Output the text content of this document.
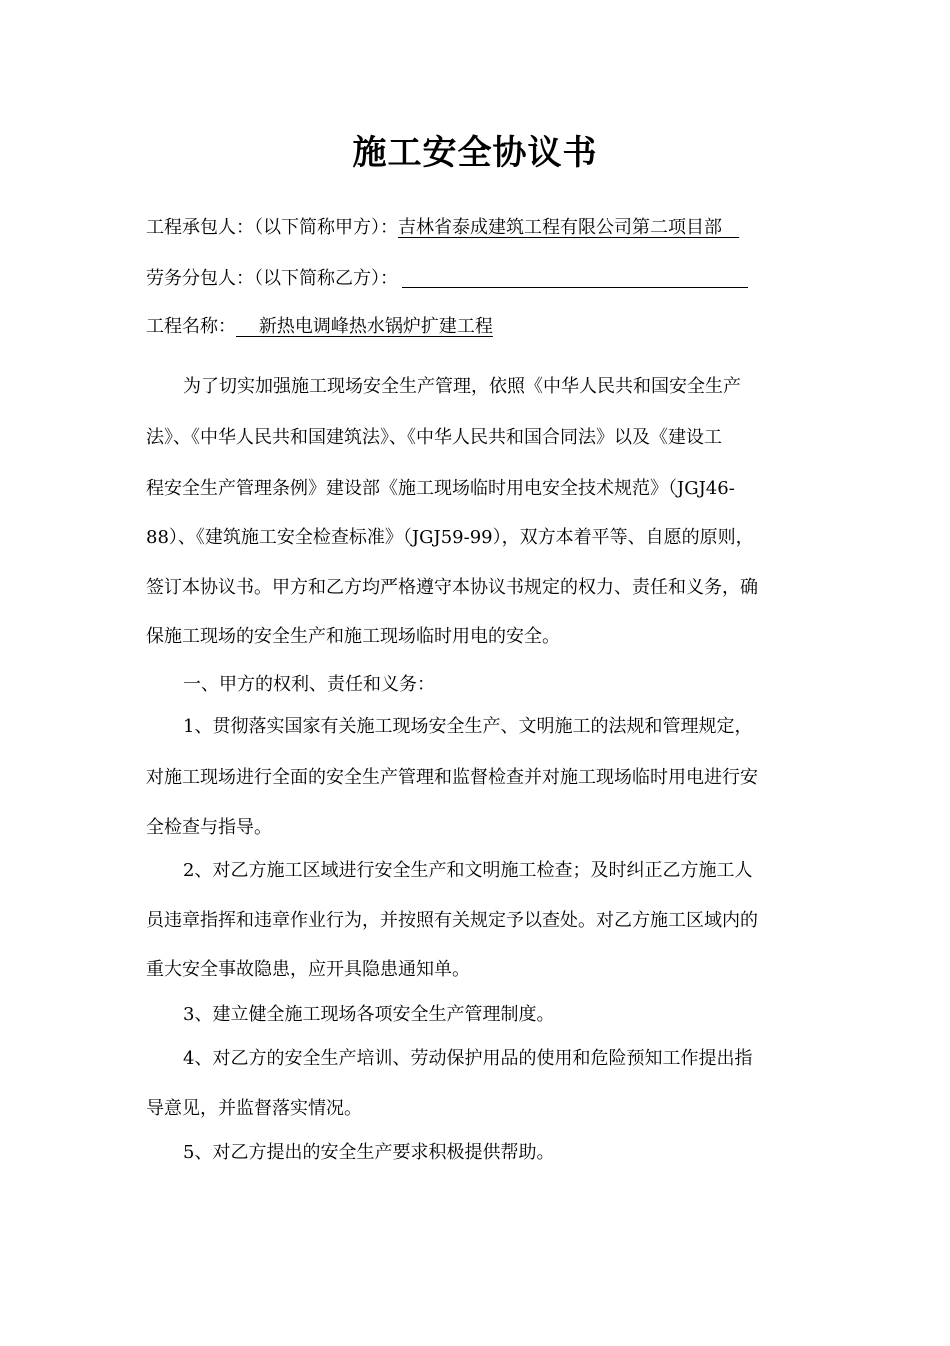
施工安全协议书
工程承包人：（以下简称甲方）：吉林省泰成建筑工程有限公司第二项目部
劳务分包人：（以下简称乙方）：
工程名称： 新热电调峰热水锅炉扩建工程
为了切实加强施工现场安全生产管理，依照《中华人民共和国安全生产
法》、《中华人民共和国建筑法》、《中华人民共和国合同法》以及《建设工
程安全生产管理条例》建设部《施工现场临时用电安全技术规范》（JGJ46-
88）、《建筑施工安全检查标准》（JGJ59-99），双方本着平等、自愿的原则，
签订本协议书。甲方和乙方均严格遵守本协议书规定的权力、责任和义务，确
保施工现场的安全生产和施工现场临时用电的安全。
一、甲方的权利、责任和义务：
1、贯彻落实国家有关施工现场安全生产、文明施工的法规和管理规定，
对施工现场进行全面的安全生产管理和监督检查并对施工现场临时用电进行安
全检查与指导。
2、对乙方施工区域进行安全生产和文明施工检查；及时纠正乙方施工人
员违章指挥和违章作业行为，并按照有关规定予以查处。对乙方施工区域内的
重大安全事故隐患，应开具隐患通知单。
3、建立健全施工现场各项安全生产管理制度。
4、对乙方的安全生产培训、劳动保护用品的使用和危险预知工作提出指
导意见，并监督落实情况。
5、对乙方提出的安全生产要求积极提供帮助。
